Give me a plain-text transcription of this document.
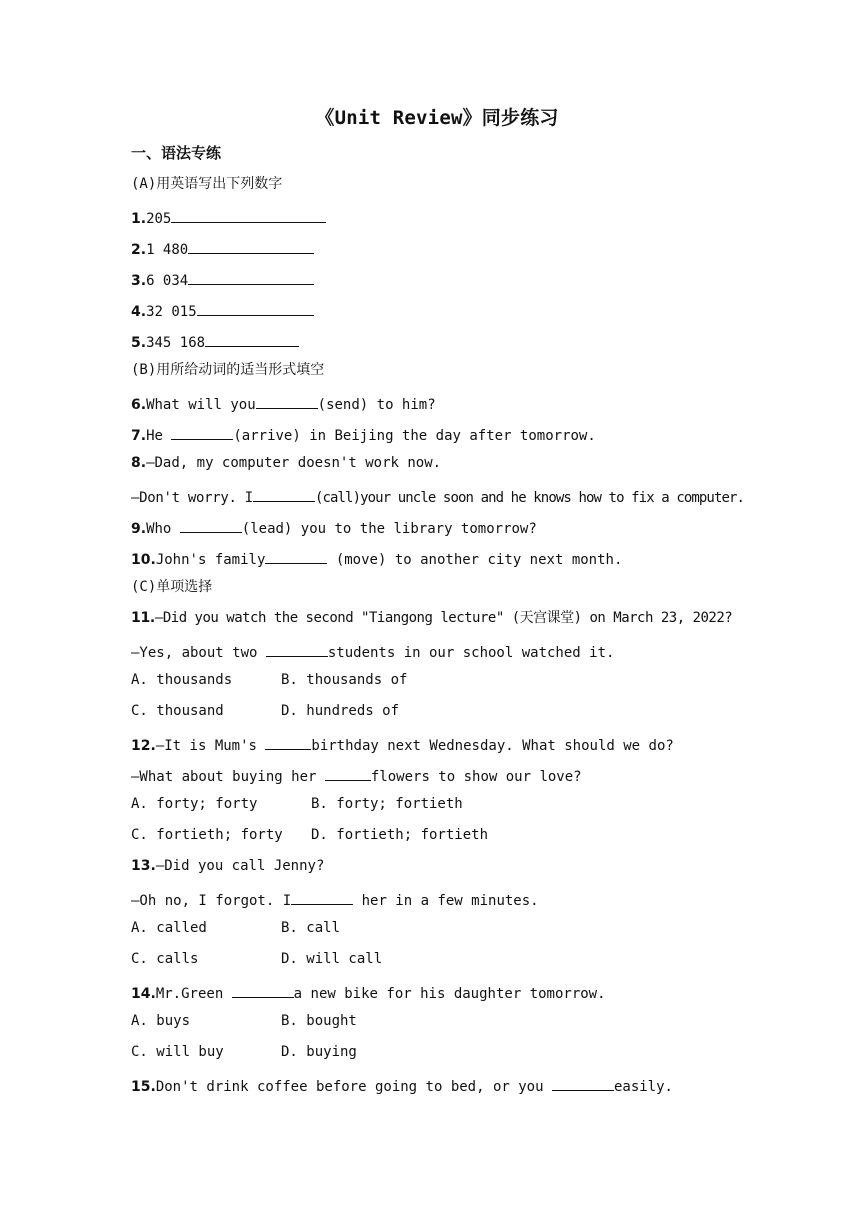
《Unit Review》同步练习
一、语法专练
(A)用英语写出下列数字
1.205
2.1 480
3.6 034
4.32 015
5.345 168
(B)用所给动词的适当形式填空
6.What will you	(send) to him?
7.He	(arrive) in Beijing the day after tomorrow.
8.—Dad, my computer doesn't work now.
—Don't worry. I	(call)your uncle soon and he knows how to fix a computer.
9.Who	(lead) you to the library tomorrow?
10.John's family	(move) to another city next month.
(C)单项选择
11.—Did you watch the second "Tiangong lecture" (天宫课堂) on March 23, 2022?
—Yes, about two	students in our school watched it.
A. thousands	B. thousands of
C. thousand	D. hundreds of
12.—It is Mum's	birthday next Wednesday. What should we do?
—What about buying her	flowers to show our love?
A. forty; forty	B. forty; fortieth
C. fortieth; forty D. fortieth; fortieth
13.—Did you call Jenny?
—Oh no, I forgot. I	her in a few minutes.
A. called	B. call
C. calls	D. will call
14.Mr.Green	a new bike for his daughter tomorrow.
A. buys	B. bought
C. will buy	D. buying
15.Don't drink coffee before going to bed, or you	easily.
